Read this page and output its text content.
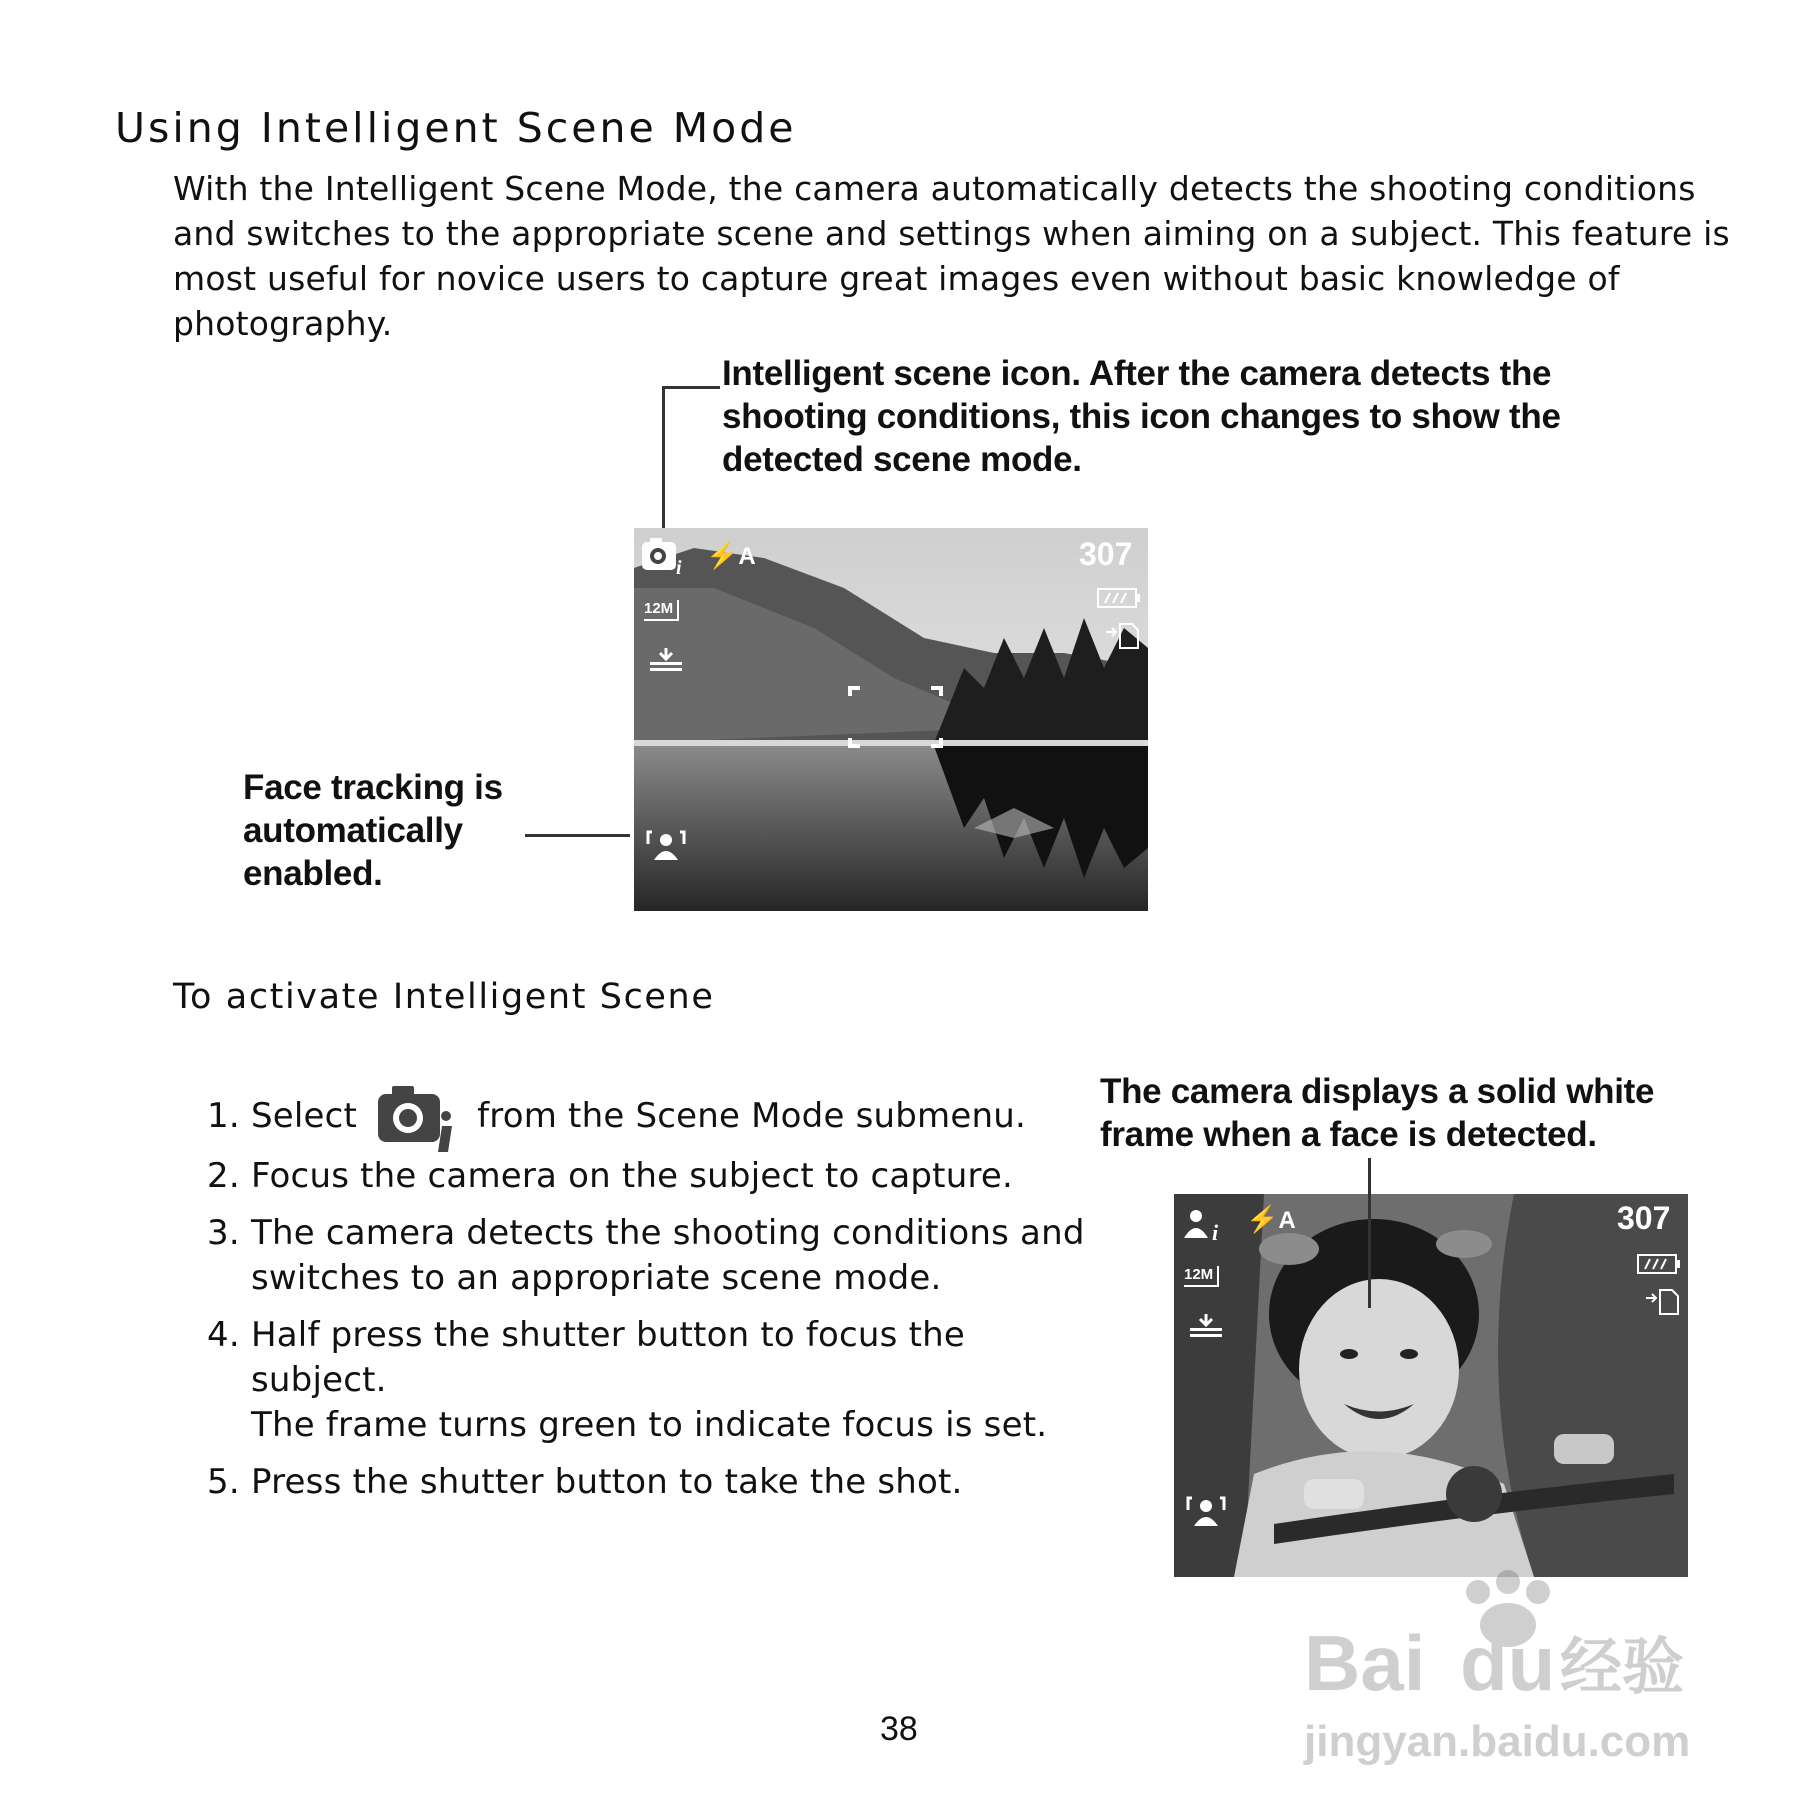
Using Intelligent Scene Mode
With the Intelligent Scene Mode, the camera automatically detects the shooting conditions and switches to the appropriate scene and settings when aiming on a subject. This feature is most useful for novice users to capture great images even without basic knowledge of photography.
Intelligent scene icon. After the camera detects the
shooting conditions, this icon changes to show the
detected scene mode.
Face tracking is
automatically
enabled.
i ⚡A	307
12M
To activate Intelligent Scene
1. Select	from the Scene Mode submenu.
2. Focus the camera on the subject to capture.
3. The camera detects the shooting conditions and
switches to an appropriate scene mode.
4. Half press the shutter button to focus the subject.
The frame turns green to indicate focus is set.
5. Press the shutter button to take the shot.
The camera displays a solid white
frame when a face is detected.
i ⚡A	307
12M
38
Bai du 经验
jingyan.baidu.com
